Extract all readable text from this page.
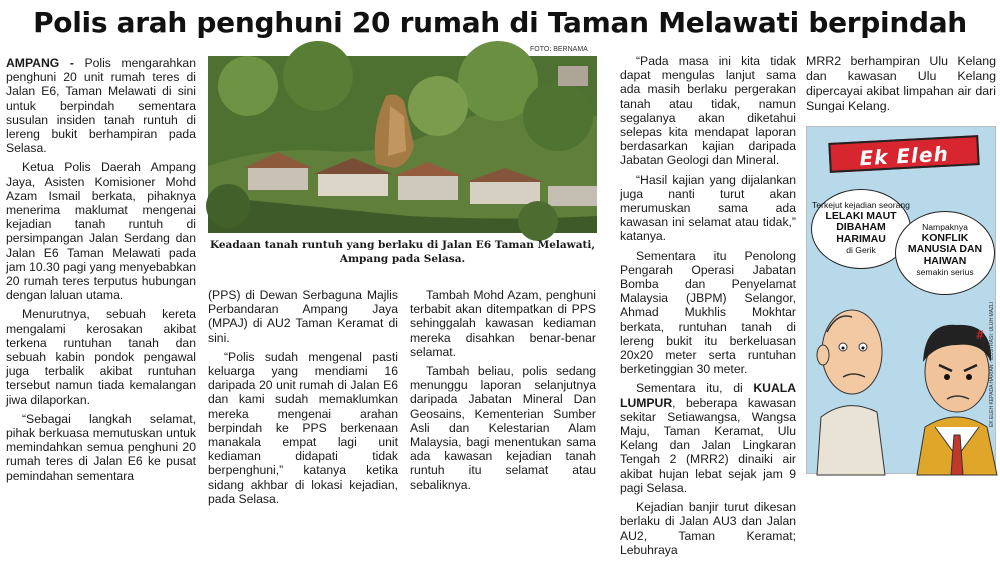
Polis arah penghuni 20 rumah di Taman Melawati berpindah

AMPANG - Polis mengarahkan penghuni 20 unit rumah teres di Jalan E6, Taman Melawati di sini untuk berpindah sementara susulan insiden tanah runtuh di lereng bukit berhampiran pada Selasa.

Ketua Polis Daerah Ampang Jaya, Asisten Komisioner Mohd Azam Ismail berkata, pihaknya menerima maklumat mengenai kejadian tanah runtuh di persimpangan Jalan Serdang dan Jalan E6 Taman Melawati pada jam 10.30 pagi yang menyebabkan 20 rumah teres terputus hubungan dengan laluan utama.

Menurutnya, sebuah kereta mengalami kerosakan akibat terkena runtuhan tanah dan sebuah kabin pondok pengawal juga terbalik akibat runtuhan tersebut namun tiada kemalangan jiwa dilaporkan.

“Sebagai langkah selamat, pihak berkuasa memutuskan untuk memindahkan semua penghuni 20 rumah teres di Jalan E6 ke pusat pemindahan sementara

FOTO: BERNAMA
Keadaan tanah runtuh yang berlaku di Jalan E6 Taman Melawati,
Ampang pada Selasa.

(PPS) di Dewan Serbaguna Majlis Perbandaran Ampang Jaya (MPAJ) di AU2 Taman Keramat di sini.

“Polis sudah mengenal pasti keluarga yang mendiami 16 daripada 20 unit rumah di Jalan E6 dan kami sudah memaklumkan mereka mengenai arahan berpindah ke PPS berkenaan manakala empat lagi unit kediaman didapati tidak berpenghuni,” katanya ketika sidang akhbar di lokasi kejadian, pada Selasa.

Tambah Mohd Azam, penghuni terbabit akan ditempatkan di PPS sehinggalah kawasan kediaman mereka disahkan benar-benar selamat.

Tambah beliau, polis sedang menunggu laporan selanjutnya daripada Jabatan Mineral Dan Geosains, Kementerian Sumber Asli dan Kelestarian Alam Malaysia, bagi menentukan sama ada kawasan kejadian tanah runtuh itu selamat atau sebaliknya.

“Pada masa ini kita tidak dapat mengulas lanjut sama ada masih berlaku pergerakan tanah atau tidak, namun segalanya akan diketahui selepas kita mendapat laporan berdasarkan kajian daripada Jabatan Geologi dan Mineral.

“Hasil kajian yang dijalankan juga nanti turut akan merumuskan sama ada kawasan ini selamat atau tidak,” katanya.

Sementara itu Penolong Pengarah Operasi Jabatan Bomba dan Penyelamat Malaysia (JBPM) Selangor, Ahmad Mukhlis Mokhtar berkata, runtuhan tanah di lereng bukit itu berkeluasan 20x20 meter serta runtuhan berketinggian 30 meter.

Sementara itu, di KUALA LUMPUR, beberapa kawasan sekitar Setiawangsa, Wangsa Maju, Taman Keramat, Ulu Kelang dan Jalan Lingkaran Tengah 2 (MRR2) dinaiki air akibat hujan lebat sejak jam 9 pagi Selasa.

Kejadian banjir turut dikesan berlaku di Jalan AU3 dan Jalan AU2, Taman Keramat; Lebuhraya

MRR2 berhampiran Ulu Kelang dan kawasan Ulu Kelang dipercayai akibat limpahan air dari Sungai Kelang.

#
Ek Eleh
Terkejut kejadian seorang
LELAKI MAUT DIBAHAM HARIMAU
di Gerik
Nampaknya
KONFLIK MANUSIA DAN HAIWAN
semakin serius
EK ELEH KEPADA HARIAN · ILUSTRASI: ULUH MAZLI
